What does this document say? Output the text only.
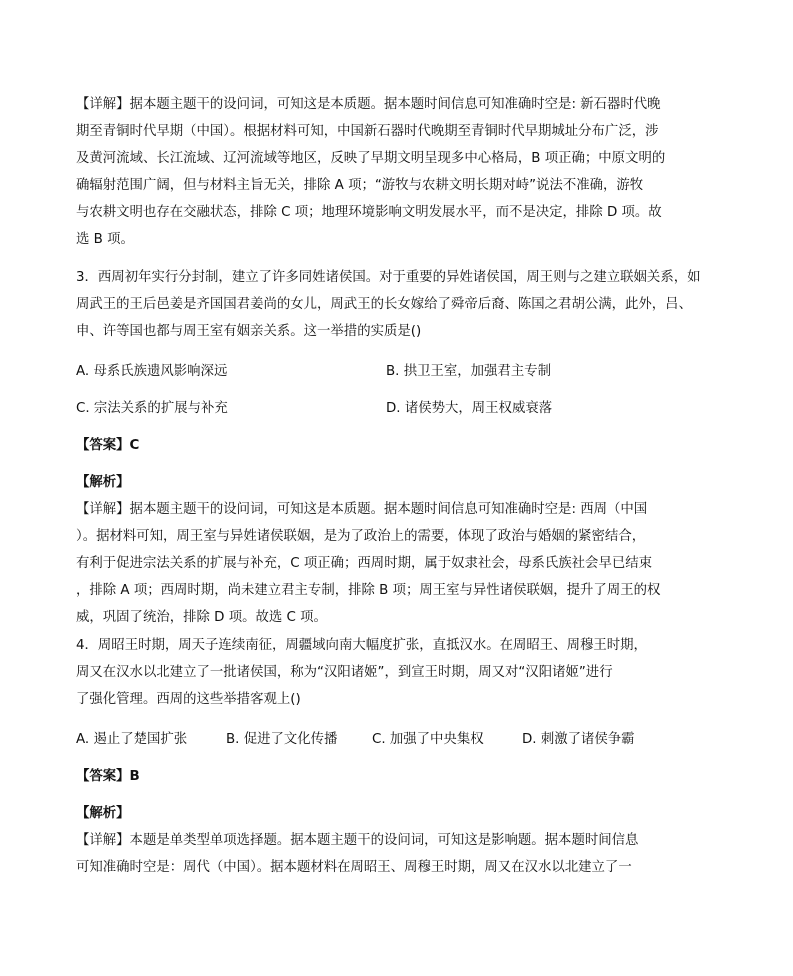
【详解】据本题主题干的设问词，可知这是本质题。据本题时间信息可知准确时空是: 新石器时代晚
期至青铜时代早期（中国）。根据材料可知，中国新石器时代晚期至青铜时代早期城址分布广泛，涉
及黄河流域、长江流域、辽河流域等地区，反映了早期文明呈现多中心格局，B 项正确；中原文明的
确辐射范围广阔，但与材料主旨无关，排除 A 项；“游牧与农耕文明长期对峙”说法不准确，游牧
与农耕文明也存在交融状态，排除 C 项；地理环境影响文明发展水平，而不是决定，排除 D 项。故
选 B 项。
3．西周初年实行分封制，建立了许多同姓诸侯国。对于重要的异姓诸侯国，周王则与之建立联姻关系，如
周武王的王后邑姜是齐国国君姜尚的女儿，周武王的长女嫁给了舜帝后裔、陈国之君胡公满，此外，吕、
申、许等国也都与周王室有姻亲关系。这一举措的实质是()
A. 母系氏族遗风影响深远	B. 拱卫王室，加强君主专制
C. 宗法关系的扩展与补充	D. 诸侯势大，周王权威衰落
【答案】C
【解析】
【详解】据本题主题干的设问词，可知这是本质题。据本题时间信息可知准确时空是: 西周（中国
）。据材料可知，周王室与异姓诸侯联姻，是为了政治上的需要，体现了政治与婚姻的紧密结合，
有利于促进宗法关系的扩展与补充，C 项正确；西周时期，属于奴隶社会，母系氏族社会早已结束
，排除 A 项；西周时期，尚未建立君主专制，排除 B 项；周王室与异性诸侯联姻，提升了周王的权
威，巩固了统治，排除 D 项。故选 C 项。
4．周昭王时期，周天子连续南征，周疆域向南大幅度扩张，直抵汉水。在周昭王、周穆王时期，
周又在汉水以北建立了一批诸侯国，称为“汉阳诸姬”，到宣王时期，周又对“汉阳诸姬”进行
了强化管理。西周的这些举措客观上()
A. 遏止了楚国扩张	B. 促进了文化传播	C. 加强了中央集权	D. 刺激了诸侯争霸
【答案】B
【解析】
【详解】本题是单类型单项选择题。据本题主题干的设问词，可知这是影响题。据本题时间信息
可知准确时空是：周代（中国）。据本题材料在周昭王、周穆王时期，周又在汉水以北建立了一
